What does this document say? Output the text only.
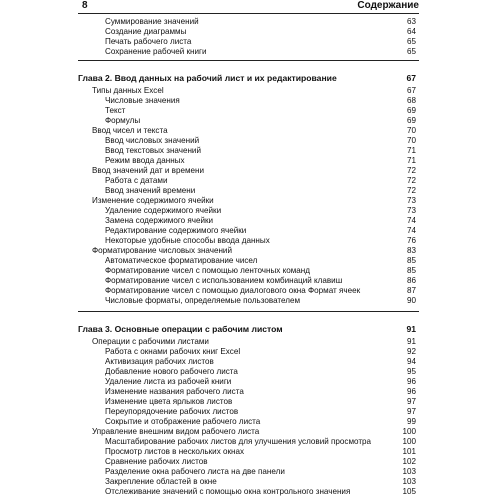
8	Содержание
Суммирование значений	63
Создание диаграммы	64
Печать рабочего листа	65
Сохранение рабочей книги	65
Глава 2. Ввод данных на рабочий лист и их редактирование	67
Типы данных Excel	67
Числовые значения	68
Текст	69
Формулы	69
Ввод чисел и текста	70
Ввод числовых значений	70
Ввод текстовых значений	71
Режим ввода данных	71
Ввод значений дат и времени	72
Работа с датами	72
Ввод значений времени	72
Изменение содержимого ячейки	73
Удаление содержимого ячейки	73
Замена содержимого ячейки	74
Редактирование содержимого ячейки	74
Некоторые удобные способы ввода данных	76
Форматирование числовых значений	83
Автоматическое форматирование чисел	85
Форматирование чисел с помощью ленточных команд	85
Форматирование чисел с использованием комбинаций клавиш	86
Форматирование чисел с помощью диалогового окна Формат ячеек	87
Числовые форматы, определяемые пользователем	90
Глава 3. Основные операции с рабочим листом	91
Операции с рабочими листами	91
Работа с окнами рабочих книг Excel	92
Активизация рабочих листов	94
Добавление нового рабочего листа	95
Удаление листа из рабочей книги	96
Изменение названия рабочего листа	96
Изменение цвета ярлыков листов	97
Переупорядочение рабочих листов	97
Сокрытие и отображение рабочего листа	99
Управление внешним видом рабочего листа	100
Масштабирование рабочих листов для улучшения условий просмотра	100
Просмотр листов в нескольких окнах	101
Сравнение рабочих листов	102
Разделение окна рабочего листа на две панели	103
Закрепление областей в окне	103
Отслеживание значений с помощью окна контрольного значения	105
